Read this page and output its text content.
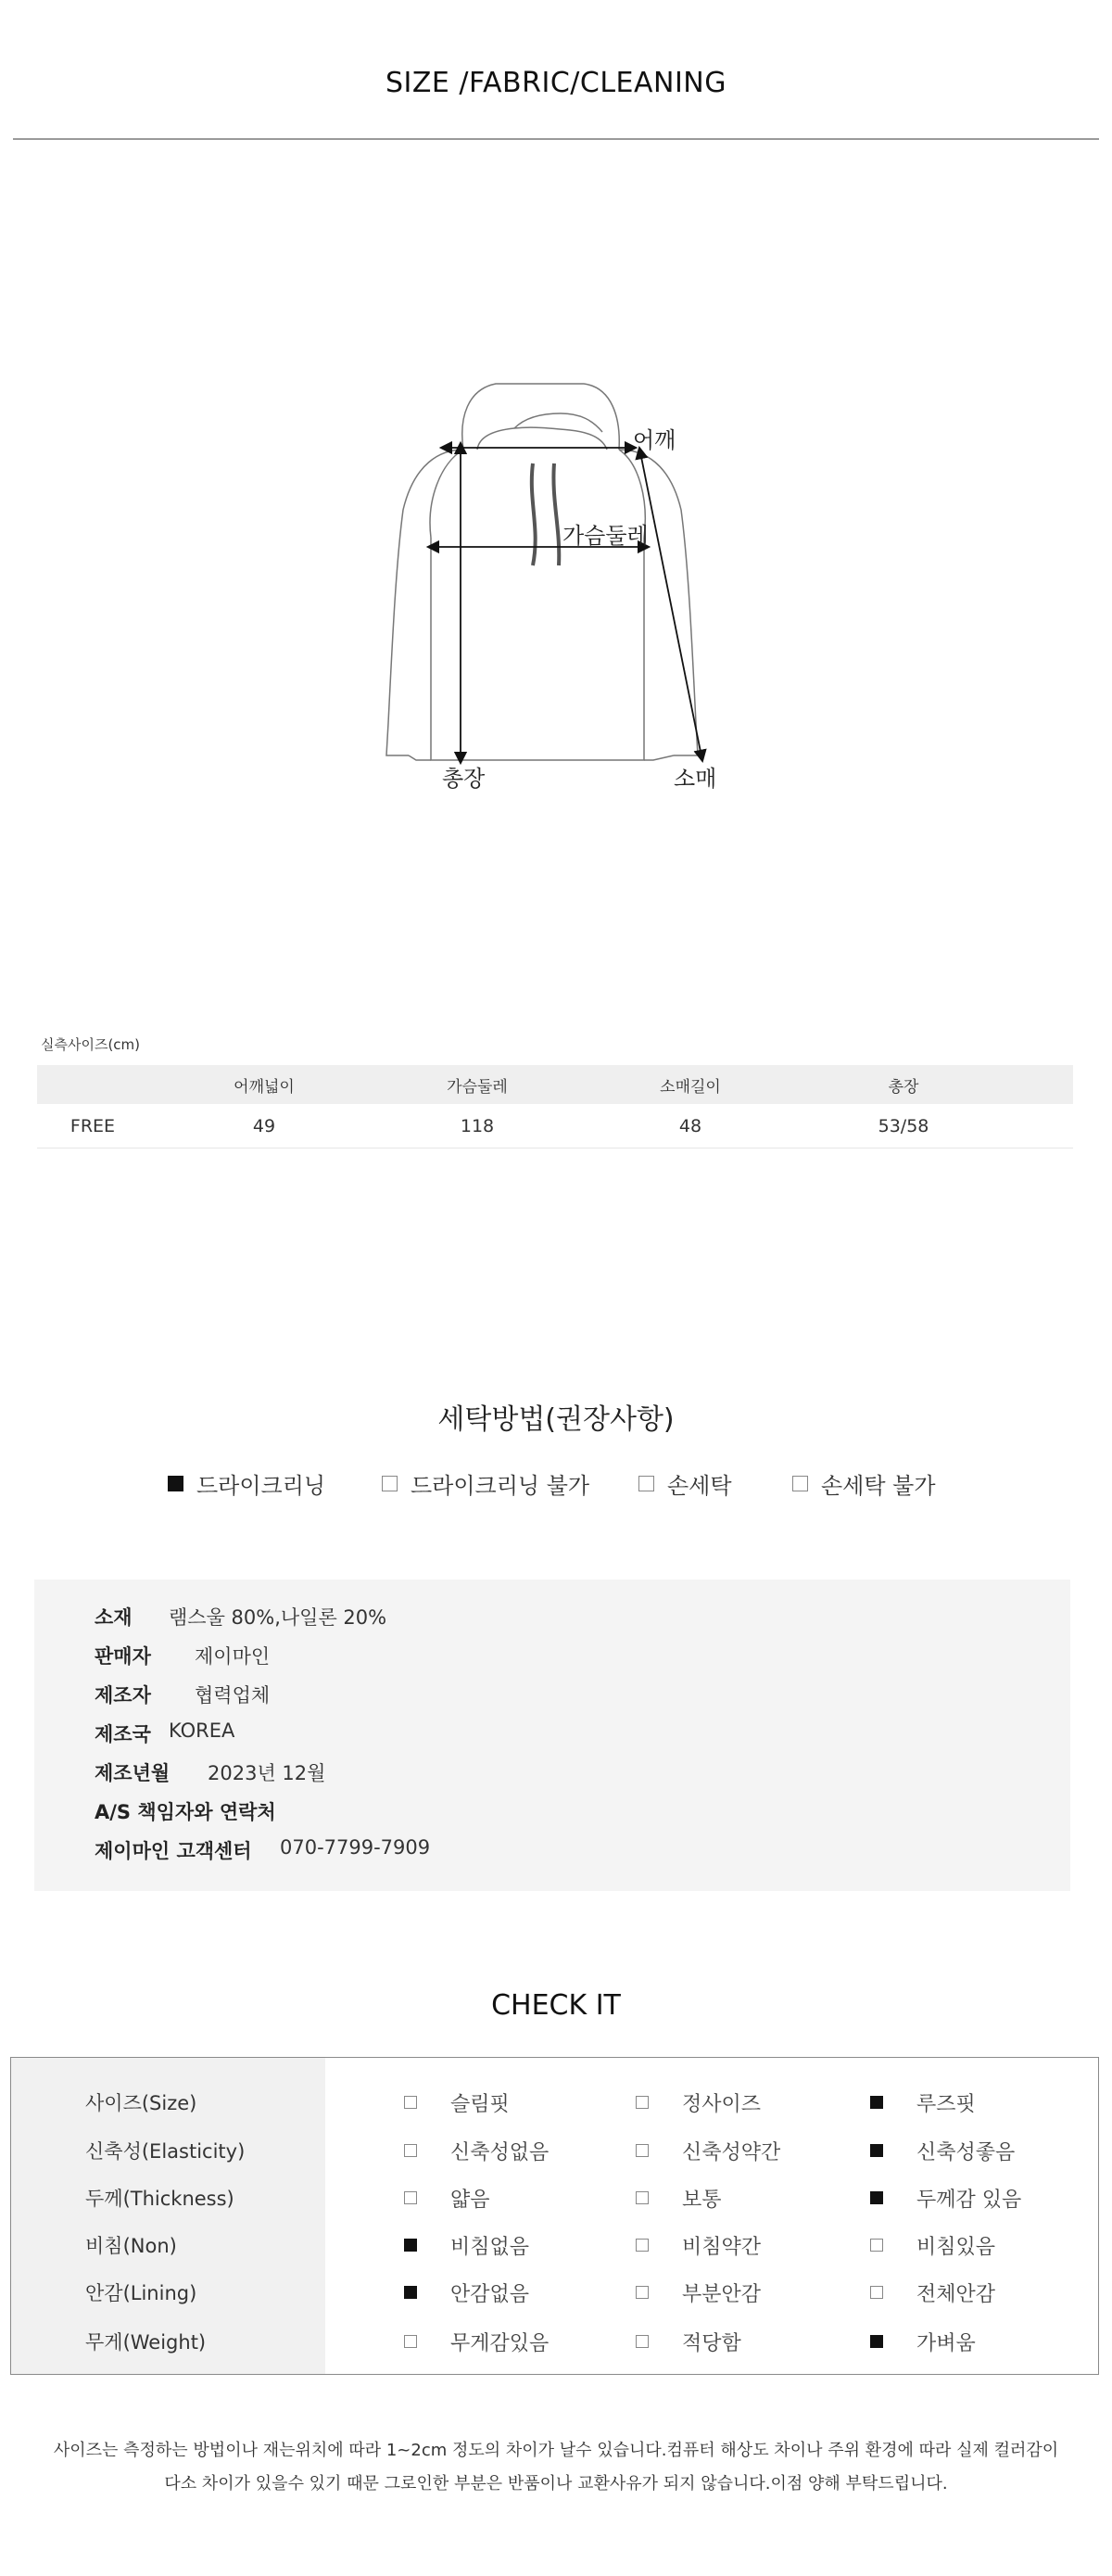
SIZE /FABRIC/CLEANING
어깨
가슴둘레
총장	소매
실측사이즈(cm)
어깨넓이	가슴둘레	소매길이	총장
FREE	49	118	48	53/58
세탁방법(권장사항)
드라이크리닝	드라이크리닝 불가	손세탁	손세탁 불가
소재	램스울 80%,나일론 20%
판매자	제이마인
제조자	협력업체
제조국 KOREA
제조년월	2023년 12월
A/S 책임자와 연락처
제이마인 고객센터	070-7799-7909
CHECK IT
사이즈(Size)	슬림핏	정사이즈	루즈핏
신축성(Elasticity)	신축성없음	신축성약간	신축성좋음
두께(Thickness)	얇음	보통	두께감 있음
비침(Non)	비침없음	비침약간	비침있음
안감(Lining)	안감없음	부분안감	전체안감
무게(Weight)	무게감있음	적당함	가벼움
사이즈는 측정하는 방법이나 재는위치에 따라 1~2cm 정도의 차이가 날수 있습니다.컴퓨터 해상도 차이나 주위 환경에 따라 실제 컬러감이
다소 차이가 있을수 있기 때문 그로인한 부분은 반품이나 교환사유가 되지 않습니다.이점 양해 부탁드립니다.
